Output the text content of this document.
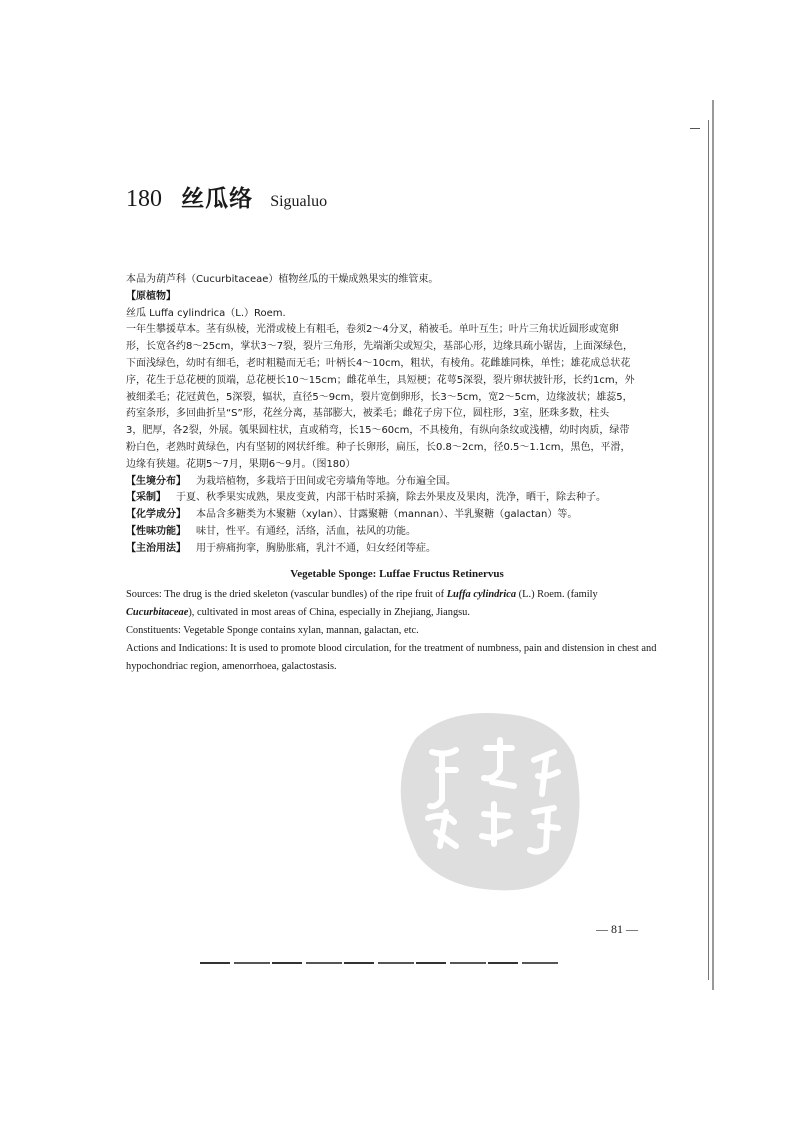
180 丝瓜络 Sigualuo
本品为葫芦科（Cucurbitaceae）植物丝瓜的干燥成熟果实的维管束。
【原植物】
丝瓜 Luffa cylindrica（L.）Roem.
一年生攀援草本。茎有纵棱，光滑或棱上有粗毛，卷须2～4分叉，稍被毛。单叶互生；叶片三角状近圆形或宽卵
形，长宽各约8～25cm，掌状3～7裂，裂片三角形，先端渐尖或短尖，基部心形，边缘具疏小锯齿，上面深绿色，
下面浅绿色，幼时有细毛，老时粗糙而无毛；叶柄长4～10cm，粗状，有棱角。花雌雄同株，单性；雄花成总状花
序，花生于总花梗的顶端，总花梗长10～15cm；雌花单生，具短梗；花萼5深裂，裂片卵状披针形，长约1cm，外
被细柔毛；花冠黄色，5深裂，辐状，直径5～9cm，裂片宽倒卵形，长3～5cm，宽2～5cm，边缘波状；雄蕊5，
药室条形，多回曲折呈“S”形，花丝分离，基部膨大，被柔毛；雌花子房下位，圆柱形，3室，胚珠多数，柱头
3，肥厚，各2裂，外展。瓠果圆柱状，直或稍弯，长15～60cm，不具棱角，有纵向条纹或浅槽，幼时肉质，绿带
粉白色，老熟时黄绿色，内有坚韧的网状纤维。种子长卵形，扁压，长0.8～2cm，径0.5～1.1cm，黑色，平滑，
边缘有狭翅。花期5～7月，果期6～9月。（图180）
【生境分布】 为栽培植物，多栽培于田间或宅旁墙角等地。分布遍全国。
【采制】 于夏、秋季果实成熟，果皮变黄，内部干枯时采摘，除去外果皮及果肉，洗净，晒干，除去种子。
【化学成分】 本品含多糖类为木聚糖（xylan）、甘露聚糖（mannan）、半乳聚糖（galactan）等。
【性味功能】 味甘，性平。有通经，活络，活血，祛风的功能。
【主治用法】 用于痹痛拘挛，胸胁胀痛，乳汁不通，妇女经闭等症。
Vegetable Sponge: Luffae Fructus Retinervus

Sources: The drug is the dried skeleton (vascular bundles) of the ripe fruit of Luffa cylindrica (L.) Roem. (family Cucurbitaceae), cultivated in most areas of China, especially in Zhejiang, Jiangsu.

Constituents: Vegetable Sponge contains xylan, mannan, galactan, etc.

Actions and Indications: It is used to promote blood circulation, for the treatment of numbness, pain and distension in chest and hypochondriac region, amenorrhoea, galactostasis.

— 81 —
